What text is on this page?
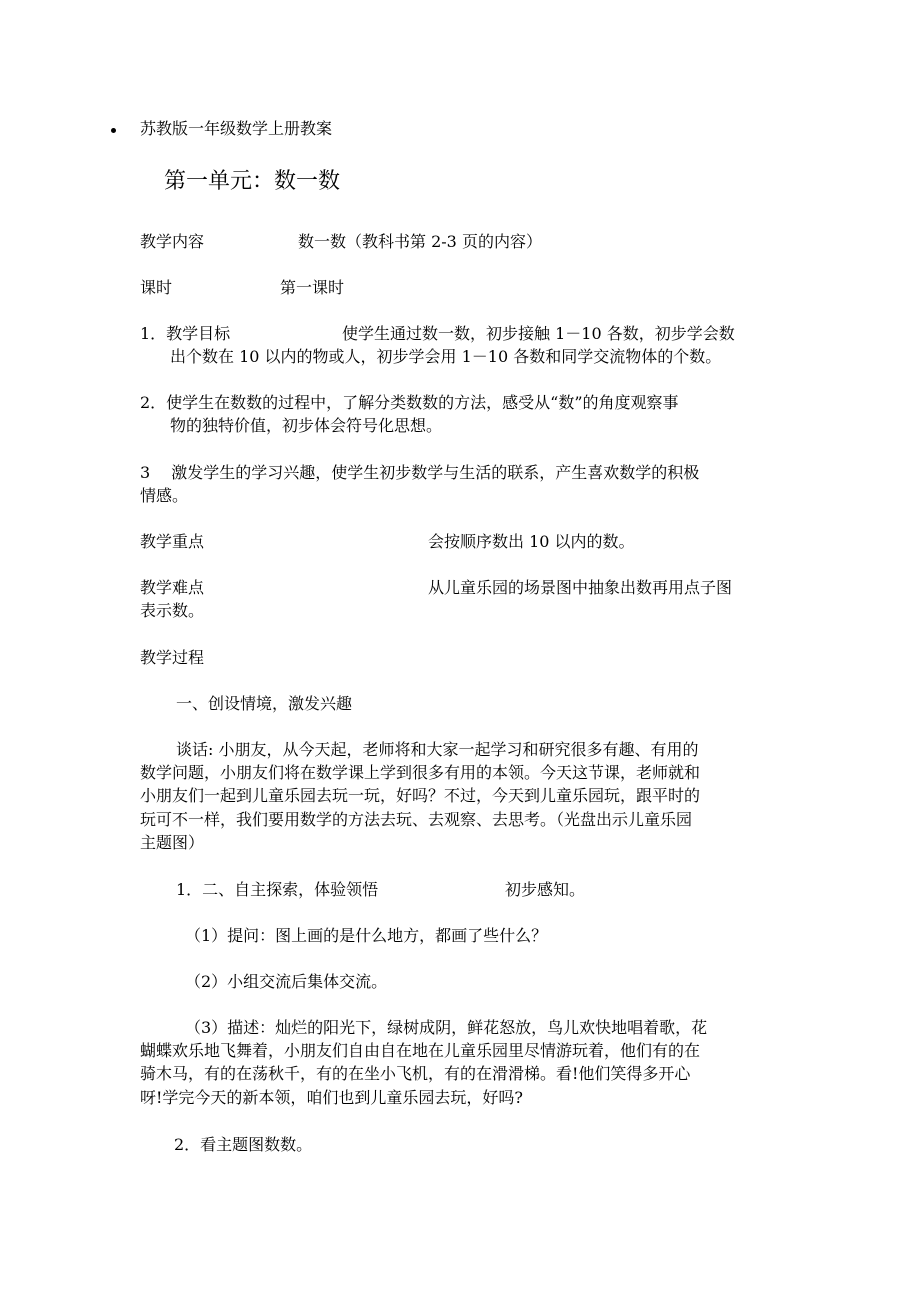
苏教版一年级数学上册教案
第一单元：数一数
教学内容	数一数（教科书第 2-3 页的内容）
课时	第一课时
1．教学目标	使学生通过数一数，初步接触 1－10 各数，初步学会数
出个数在 10 以内的物或人，初步学会用 1－10 各数和同学交流物体的个数。
2．使学生在数数的过程中，了解分类数数的方法，感受从“数”的角度观察事
物的独特价值，初步体会符号化思想。
3　 激发学生的学习兴趣，使学生初步数学与生活的联系，产生喜欢数学的积极
情感。
教学重点	会按顺序数出 10 以内的数。
教学难点	从儿童乐园的场景图中抽象出数再用点子图
表示数。
教学过程
一、创设情境，激发兴趣
谈话: 小朋友，从今天起，老师将和大家一起学习和研究很多有趣、有用的
数学问题，小朋友们将在数学课上学到很多有用的本领。今天这节课，老师就和
小朋友们一起到儿童乐园去玩一玩，好吗？不过，今天到儿童乐园玩，跟平时的
玩可不一样，我们要用数学的方法去玩、去观察、去思考。（光盘出示儿童乐园
主题图）
1．二、自主探索，体验领悟	初步感知。
（1）提问：图上画的是什么地方，都画了些什么？
（2）小组交流后集体交流。
（3）描述：灿烂的阳光下，绿树成阴，鲜花怒放，鸟儿欢快地唱着歌，花
蝴蝶欢乐地飞舞着，小朋友们自由自在地在儿童乐园里尽情游玩着，他们有的在
骑木马，有的在荡秋千，有的在坐小飞机，有的在滑滑梯。看!他们笑得多开心
呀!学完今天的新本领，咱们也到儿童乐园去玩，好吗?
2．看主题图数数。
